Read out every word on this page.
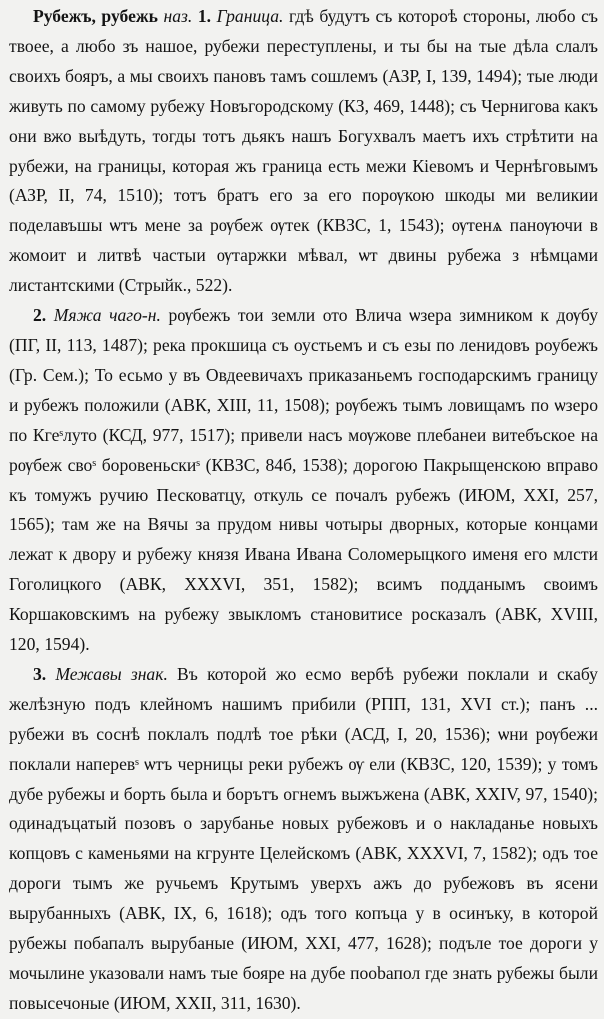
Рубежъ, рубежь наз. 1. Граница. гдѣ будутъ съ котороѣ стороны, любо съ твоее, а любо зъ нашое, рубежи переступлены, и ты бы на тые дѣла слалъ своихъ бояръ, а мы своихъ пановъ тамъ сошлемъ (АЗР, I, 139, 1494); тые люди живуть по самому рубежу Новъгородскому (КЗ, 469, 1448); съ Чернигова какъ они вжо выѣдуть, тогды тотъ дьякъ нашъ Богухвалъ маетъ ихъ стрѣтити на рубежи, на границы, которая жъ граница есть межи Кіевомъ и Чернѣговымъ (АЗР, II, 74, 1510); тотъ братъ его за его порѹкою шкоды ми великии поделавъшы ѡтъ мене за рѹбеж ѹтек (КВЗС, 1, 1543); ѹтенѧ панѹючи в жомоит и литвѣ частыи ѹтаржки мѣвал, ѡт двины рубежа з нѣмцами листантскими (Стрыйк., 522).

2. Мяжа чаго-н. рѹбежъ тои земли ото Влича ѡзера зимником к дѹбу (ПГ, II, 113, 1487); река прокшица съ оустьемъ и съ езы по ленидовъ роубежъ (Гр. Сем.); То есьмо у въ Овдеевичахъ приказаньемъ господарскимъ границу и рубежъ положили (АВК, XIII, 11, 1508); рѹбежъ тымъ ловищамъ по ѡзеро по Кгеˢлуто (КСД, 977, 1517); привели насъ мѹжове плебанеи витебъское на рѹбеж своˢ боровеньскиˢ (КВЗС, 84б, 1538); дорогою Пакрыщенскою вправо къ томужъ ручию Песковатцу, откуль се почалъ рубежъ (ИЮМ, XXI, 257, 1565); там же на Вячы за прудом нивы чотыры дворных, которые концами лежат к двору и рубежу князя Ивана Ивана Соломерыцкого именя его млсти Гоголицкого (АВК, XXXVI, 351, 1582); всимъ подданымъ своимъ Коршаковскимъ на рубежу звыкломъ становитисе росказалъ (АВК, XVIII, 120, 1594).

3. Межавы знак. Въ которой жо есмо вербѣ рубежи поклали и скабу желѣзную подъ клейномъ нашимъ прибили (РПП, 131, XVI ст.); панъ ... рубежи въ соснѣ поклалъ подлѣ тое рѣки (АСД, I, 20, 1536); ѡни рѹбежи поклали наперевˢ ѡтъ черницы реки рубежъ ѹ ели (КВЗС, 120, 1539); у томъ дубе рубежы и борть была и борътъ огнемъ выжъжена (АВК, XXIV, 97, 1540); одинадъцатый позовъ о зарубанье новых рубежовъ и о накладанье новыхъ копцовъ с каменьями на кгрунте Целейскомъ (АВК, XXXVI, 7, 1582); одъ тое дороги тымъ же ручьемъ Крутымъ уверхъ ажъ до рубежовъ въ ясени вырубанныхъ (АВК, IX, 6, 1618); одъ того копъца у в осинъку, в которой рубежы побапалъ вырубаные (ИЮМ, XXI, 477, 1628); подъле тое дороги у мочылине указовали намъ тые бояре на дубе поobапол где знать рубежы были повысечоные (ИЮМ, XXII, 311, 1630).
